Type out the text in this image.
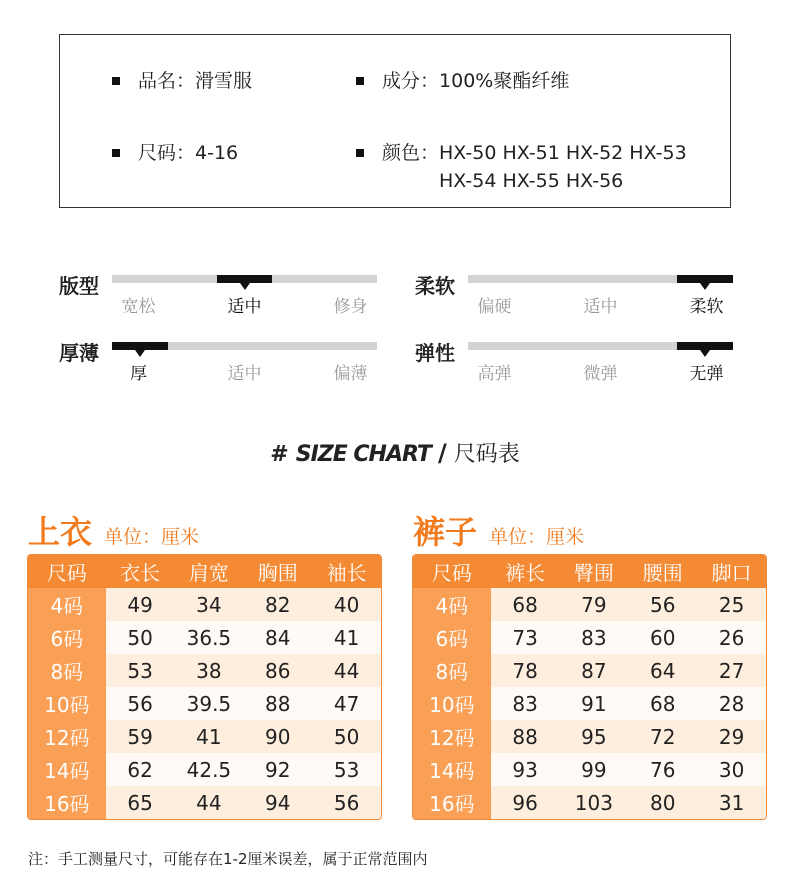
品名： 滑雪服	成分： 100%聚酯纤维
尺码： 4-16	颜色： HX-50 HX-51 HX-52 HX-53 HX-54 HX-55 HX-56
版型
宽松	适中	修身
柔软
偏硬	适中	柔软
厚薄
厚	适中	偏薄
弹性
高弹	微弹	无弹
# SIZE CHART / 尺码表
上衣 单位：厘米
尺码	衣长	肩宽	胸围	袖长
4码	49	34	82	40
6码	50	36.5	84	41
8码	53	38	86	44
10码	56	39.5	88	47
12码	59	41	90	50
14码	62	42.5	92	53
16码	65	44	94	56
裤子 单位：厘米
尺码	裤长	臀围	腰围	脚口
4码	68	79	56	25
6码	73	83	60	26
8码	78	87	64	27
10码	83	91	68	28
12码	88	95	72	29
14码	93	99	76	30
16码	96	103	80	31
注：手工测量尺寸，可能存在1-2厘米误差，属于正常范围内
